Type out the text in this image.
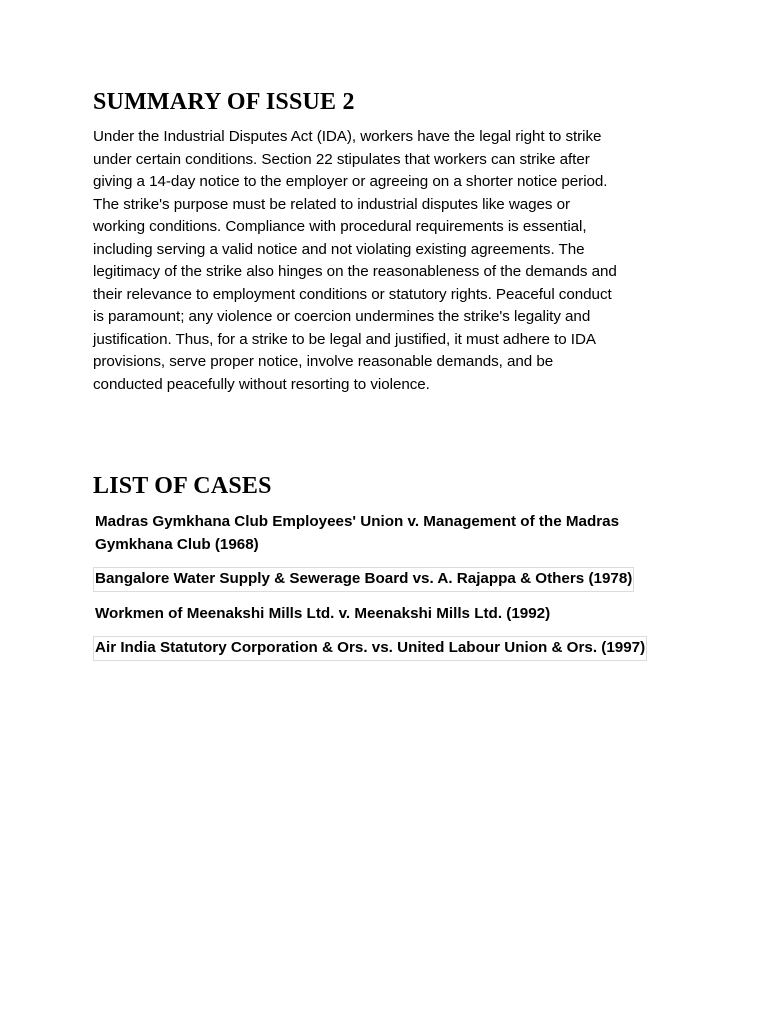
SUMMARY OF ISSUE 2
Under the Industrial Disputes Act (IDA), workers have the legal right to strike
under certain conditions. Section 22 stipulates that workers can strike after
giving a 14-day notice to the employer or agreeing on a shorter notice period.
The strike's purpose must be related to industrial disputes like wages or
working conditions. Compliance with procedural requirements is essential,
including serving a valid notice and not violating existing agreements. The
legitimacy of the strike also hinges on the reasonableness of the demands and
their relevance to employment conditions or statutory rights. Peaceful conduct
is paramount; any violence or coercion undermines the strike's legality and
justification. Thus, for a strike to be legal and justified, it must adhere to IDA
provisions, serve proper notice, involve reasonable demands, and be
conducted peacefully without resorting to violence.
LIST OF CASES
Madras Gymkhana Club Employees' Union v. Management of the Madras
Gymkhana Club (1968)
Bangalore Water Supply & Sewerage Board vs. A. Rajappa & Others (1978)
Workmen of Meenakshi Mills Ltd. v. Meenakshi Mills Ltd. (1992)
Air India Statutory Corporation & Ors. vs. United Labour Union & Ors. (1997)
